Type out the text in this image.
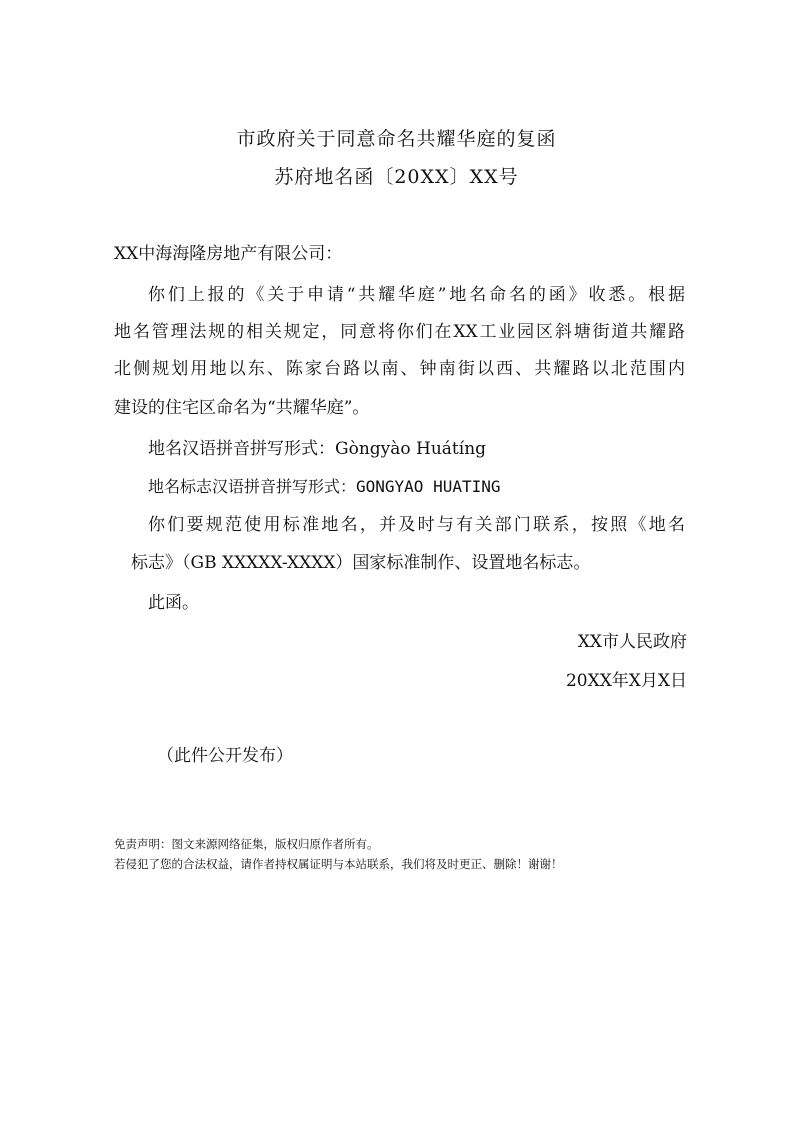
市政府关于同意命名共耀华庭的复函
苏府地名函〔20XX〕XX号
XX中海海隆房地产有限公司：
你们上报的《关于申请“共耀华庭”地名命名的函》收悉。根据
地名管理法规的相关规定，同意将你们在XX工业园区斜塘街道共耀路
北侧规划用地以东、陈家台路以南、钟南街以西、共耀路以北范围内
建设的住宅区命名为“共耀华庭”。
地名汉语拼音拼写形式：Gòngyào Huátíng
地名标志汉语拼音拼写形式：GONGYAO HUATING
你们要规范使用标准地名，并及时与有关部门联系，按照《地名
标志》（GB XXXXX-XXXX）国家标准制作、设置地名标志。
此函。
XX市人民政府
20XX年X月X日
（此件公开发布）
免责声明：图文来源网络征集，版权归原作者所有。
若侵犯了您的合法权益，请作者持权属证明与本站联系，我们将及时更正、删除！谢谢！
